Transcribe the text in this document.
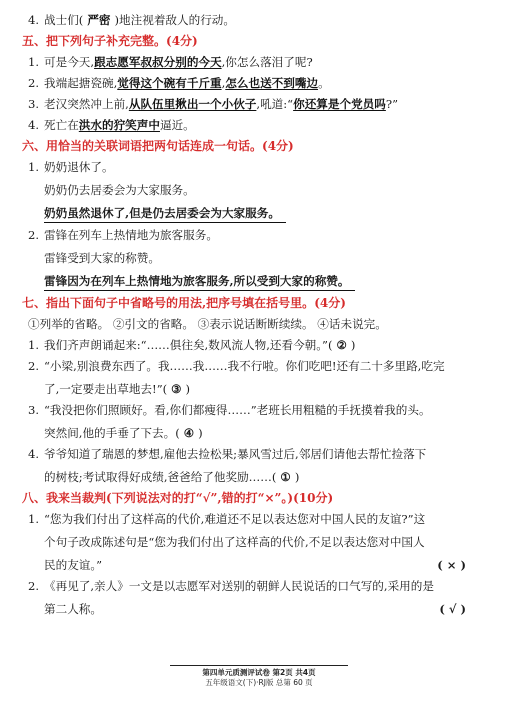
4. 战士们( 严密 )地注视着敌人的行动。
五、把下列句子补充完整。(4分)
1. 可是今天,跟志愿军叔叔分别的今天,你怎么落泪了呢?
2. 我端起搪瓷碗,觉得这个碗有千斤重,怎么也送不到嘴边。
3. 老汉突然冲上前,从队伍里揪出一个小伙子,吼道:“你还算是个党员吗?”
4. 死亡在洪水的狞笑声中逼近。
六、用恰当的关联词语把两句话连成一句话。(4分)
1. 奶奶退休了。
奶奶仍去居委会为大家服务。
奶奶虽然退休了,但是仍去居委会为大家服务。
2. 雷锋在列车上热情地为旅客服务。
雷锋受到大家的称赞。
雷锋因为在列车上热情地为旅客服务,所以受到大家的称赞。
七、指出下面句子中省略号的用法,把序号填在括号里。(4分)
①列举的省略。 ②引文的省略。 ③表示说话断断续续。 ④话未说完。
1. 我们齐声朗诵起来:“……俱往矣,数风流人物,还看今朝。”( ② )
2. “小梁,别浪费东西了。我……我……我不行啦。你们吃吧!还有二十多里路,吃完
了,一定要走出草地去!”( ③ )
3. “我没把你们照顾好。看,你们都瘦得……”老班长用粗糙的手抚摸着我的头。
突然间,他的手垂了下去。( ④ )
4. 爷爷知道了瑞恩的梦想,雇他去捡松果;暴风雪过后,邻居们请他去帮忙捡落下
的树枝;考试取得好成绩,爸爸给了他奖励……( ① )
八、我来当裁判(下列说法对的打“√”,错的打“×”。)(10分)
1. “您为我们付出了这样高的代价,难道还不足以表达您对中国人民的友谊?”这
个句子改成陈述句是“您为我们付出了这样高的代价,不足以表达您对中国人
民的友谊。”	( × )
2. 《再见了,亲人》一文是以志愿军对送别的朝鲜人民说话的口气写的,采用的是
第二人称。	( √ )
第四单元质测评试卷 第2页 共4页
五年级语文(下)·RJ版 总第 60 页
